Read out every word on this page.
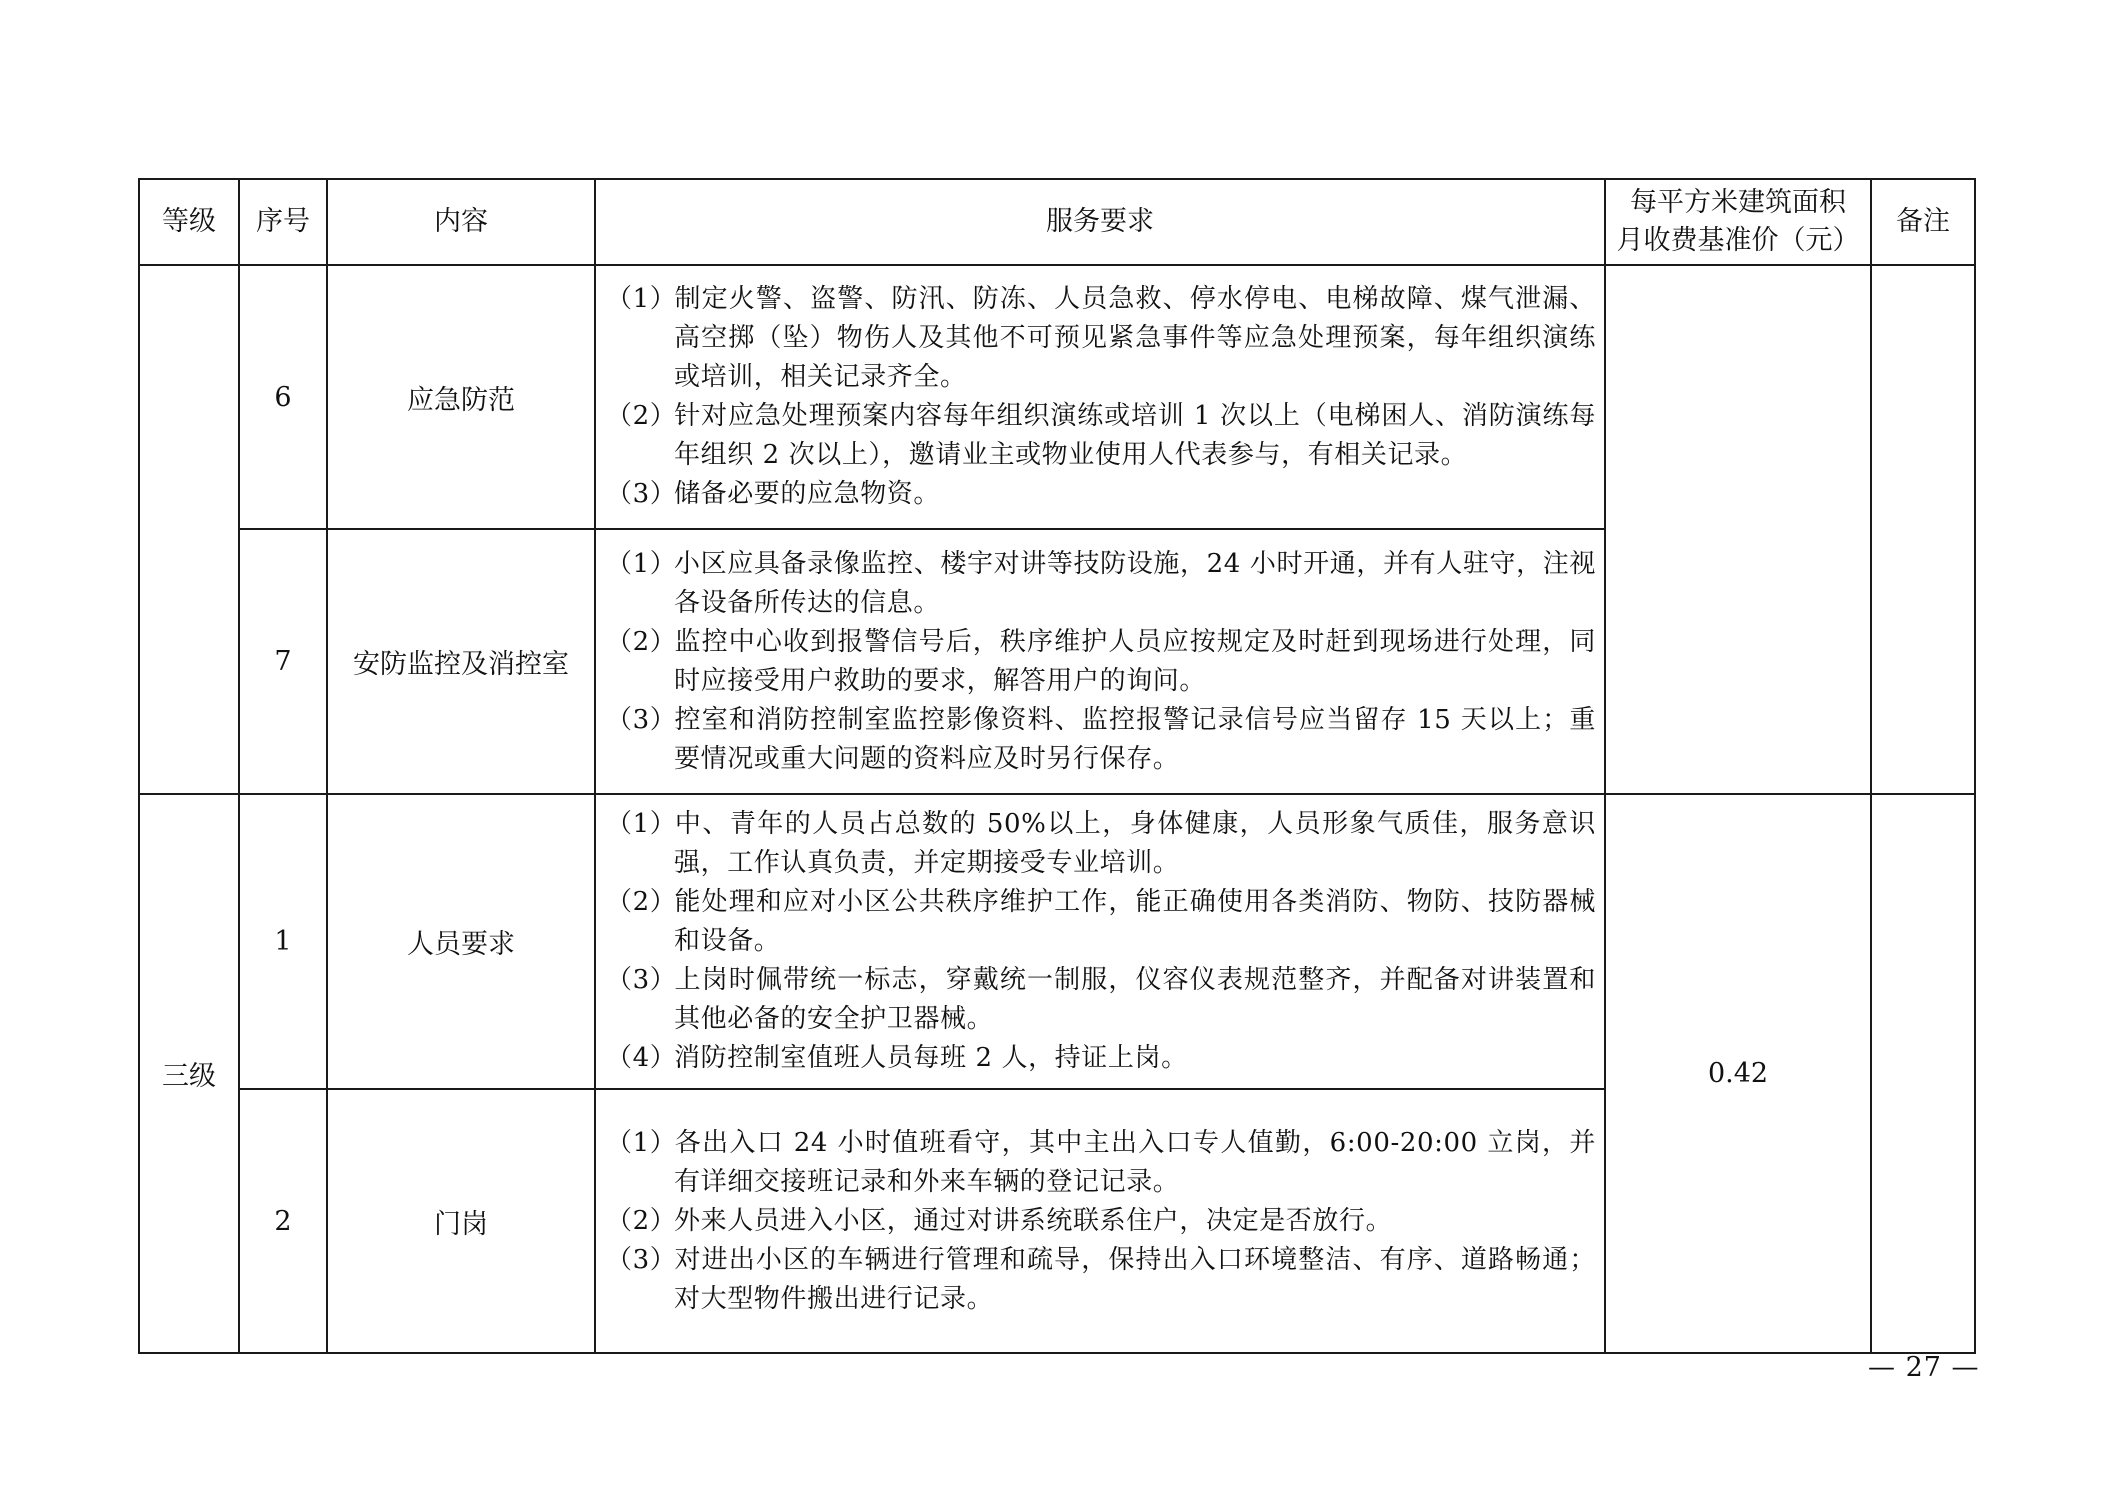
等级	序号	内容	服务要求	每平方米建筑面积
月收费基准价（元）	备注
	6	应急防范	（1）制定火警、盗警、防汛、防冻、人员急救、停水停电、电梯故障、煤气泄漏、高空掷（坠）物伤人及其他不可预见紧急事件等应急处理预案，每年组织演练或培训，相关记录齐全。
（2）针对应急处理预案内容每年组织演练或培训 1 次以上（电梯困人、消防演练每年组织 2 次以上），邀请业主或物业使用人代表参与，有相关记录。
（3）储备必要的应急物资。		

	7	安防监控及消控室	（1）小区应具备录像监控、楼宇对讲等技防设施，24 小时开通，并有人驻守，注视各设备所传达的信息。
（2）监控中心收到报警信号后，秩序维护人员应按规定及时赶到现场进行处理，同时应接受用户救助的要求，解答用户的询问。
（3）控室和消防控制室监控影像资料、监控报警记录信号应当留存 15 天以上；重要情况或重大问题的资料应及时另行保存。		

三级	1	人员要求	（1）中、青年的人员占总数的 50%以上，身体健康，人员形象气质佳，服务意识强，工作认真负责，并定期接受专业培训。
（2）能处理和应对小区公共秩序维护工作，能正确使用各类消防、物防、技防器械和设备。
（3）上岗时佩带统一标志，穿戴统一制服，仪容仪表规范整齐，并配备对讲装置和其他必备的安全护卫器械。
（4）消防控制室值班人员每班 2 人，持证上岗。	0.42	
	2	门岗	（1）各出入口 24 小时值班看守，其中主出入口专人值勤，6:00-20:00 立岗，并有详细交接班记录和外来车辆的登记记录。
（2）外来人员进入小区，通过对讲系统联系住户，决定是否放行。
（3）对进出小区的车辆进行管理和疏导，保持出入口环境整洁、有序、道路畅通；对大型物件搬出进行记录。		
— 27 —
